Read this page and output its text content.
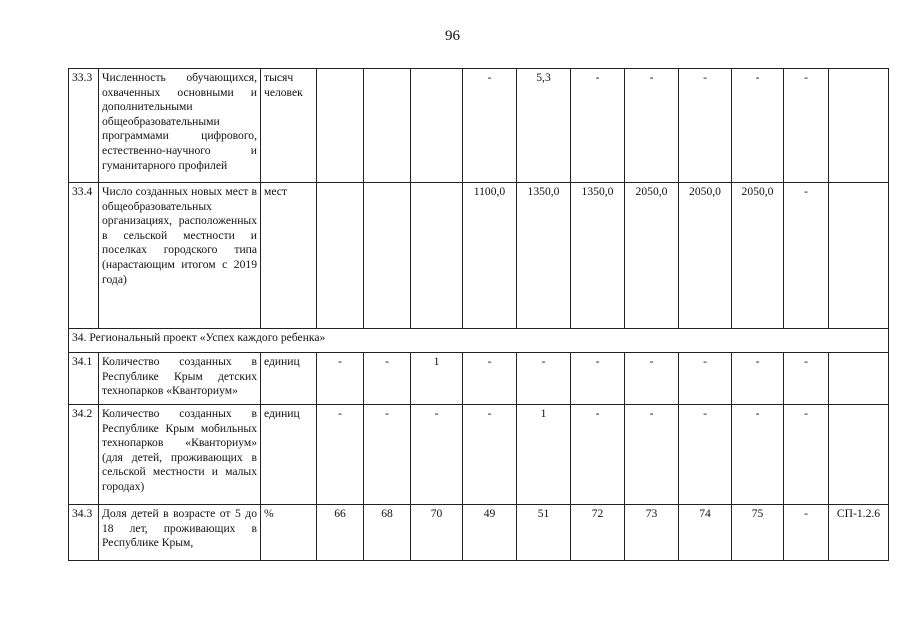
96
33.3	Численность обучающихся, охваченных основными и дополнительными общеобразовательными программами цифрового, естественно-научного и гуманитарного профилей	тысяч человек				-	5,3	-	-	-	-	-	
33.4	Число созданных новых мест в общеобразовательных организациях, расположенных в сельской местности и поселках городского типа (нарастающим итогом с 2019 года)	мест				1100,0	1350,0	1350,0	2050,0	2050,0	2050,0	-	
34. Региональный проект «Успех каждого ребенка»													
34.1	Количество созданных в Республике Крым детских технопарков «Кванториум»	единиц	-	-	1	-	-	-	-	-	-	-	
34.2	Количество созданных в Республике Крым мобильных технопарков «Кванториум» (для детей, проживающих в сельской местности и малых городах)	единиц	-	-	-	-	1	-	-	-	-	-	
34.3	Доля детей в возрасте от 5 до 18 лет, проживающих в Республике Крым,	%	66	68	70	49	51	72	73	74	75	-	СП-1.2.6
